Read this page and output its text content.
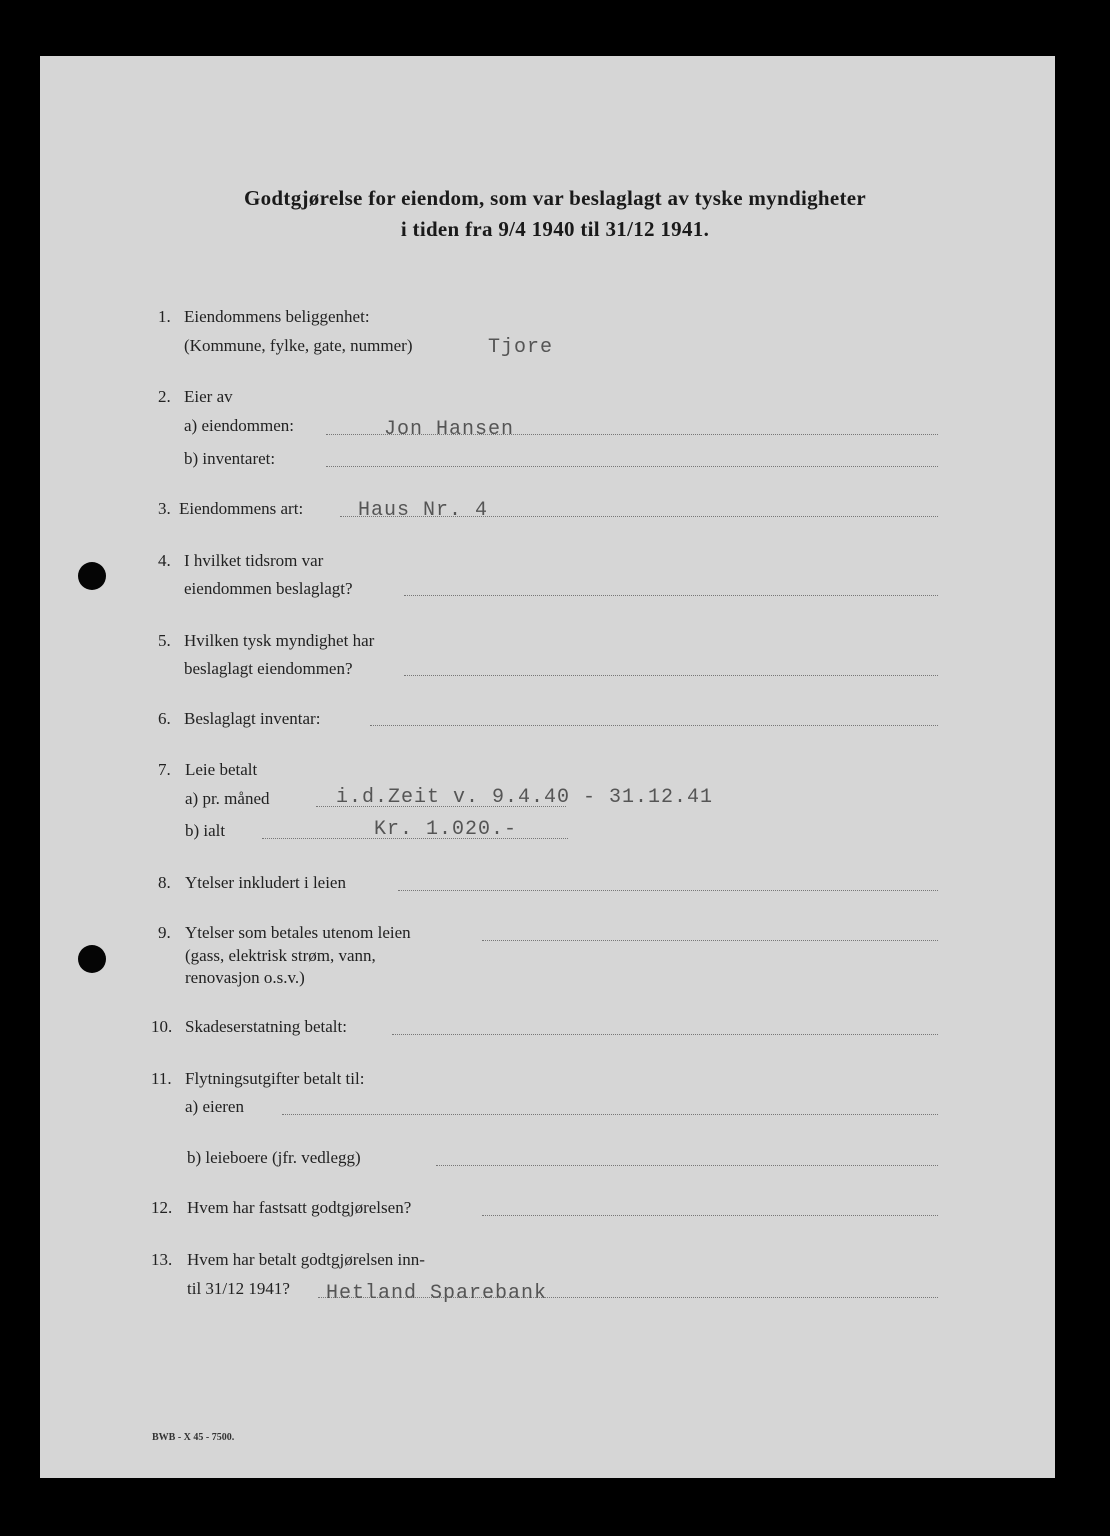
Godtgjørelse for eiendom, som var beslaglagt av tyske myndigheter
i tiden fra 9/4 1940 til 31/12 1941.
1. Eiendommens beliggenhet:
(Kommune, fylke, gate, nummer)	Tjore
2. Eier av
a) eiendommen:	Jon Hansen
b) inventaret:
3. Eiendommens art:	Haus Nr. 4
4. I hvilket tidsrom var
eiendommen beslaglagt?
5. Hvilken tysk myndighet har
beslaglagt eiendommen?
6. Beslaglagt inventar:
7. Leie betalt
a) pr. måned	i.d.Zeit v. 9.4.40 - 31.12.41
b) ialt	Kr. 1.020.-
8. Ytelser inkludert i leien
9. Ytelser som betales utenom leien
(gass, elektrisk strøm, vann,
renovasjon o.s.v.)
10. Skadeserstatning betalt:
11. Flytningsutgifter betalt til:
a) eieren
b) leieboere (jfr. vedlegg)
12. Hvem har fastsatt godtgjørelsen?
13. Hvem har betalt godtgjørelsen inn-
til 31/12 1941? Hetland Sparebank
BWB - X 45 - 7500.
